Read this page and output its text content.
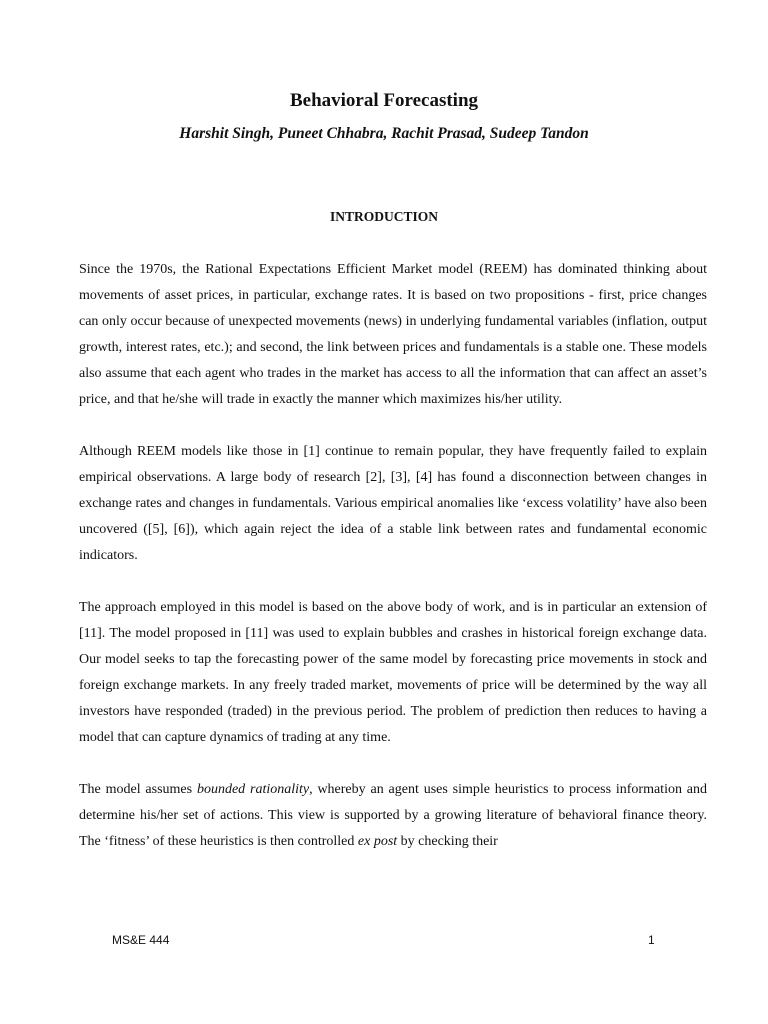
Behavioral Forecasting
Harshit Singh, Puneet Chhabra, Rachit Prasad, Sudeep Tandon
INTRODUCTION

Since the 1970s, the Rational Expectations Efficient Market model (REEM) has dominated thinking about movements of asset prices, in particular, exchange rates. It is based on two propositions - first, price changes can only occur because of unexpected movements (news) in underlying fundamental variables (inflation, output growth, interest rates, etc.); and second, the link between prices and fundamentals is a stable one. These models also assume that each agent who trades in the market has access to all the information that can affect an asset’s price, and that he/she will trade in exactly the manner which maximizes his/her utility.

Although REEM models like those in [1] continue to remain popular, they have frequently failed to explain empirical observations. A large body of research [2], [3], [4] has found a disconnection between changes in exchange rates and changes in fundamentals. Various empirical anomalies like ‘excess volatility’ have also been uncovered ([5], [6]), which again reject the idea of a stable link between rates and fundamental economic indicators.

The approach employed in this model is based on the above body of work, and is in particular an extension of [11]. The model proposed in [11] was used to explain bubbles and crashes in historical foreign exchange data. Our model seeks to tap the forecasting power of the same model by forecasting price movements in stock and foreign exchange markets. In any freely traded market, movements of price will be determined by the way all investors have responded (traded) in the previous period. The problem of prediction then reduces to having a model that can capture dynamics of trading at any time.

The model assumes bounded rationality, whereby an agent uses simple heuristics to process information and determine his/her set of actions. This view is supported by a growing literature of behavioral finance theory. The ‘fitness’ of these heuristics is then controlled ex post by checking their

MS&E 444	1
